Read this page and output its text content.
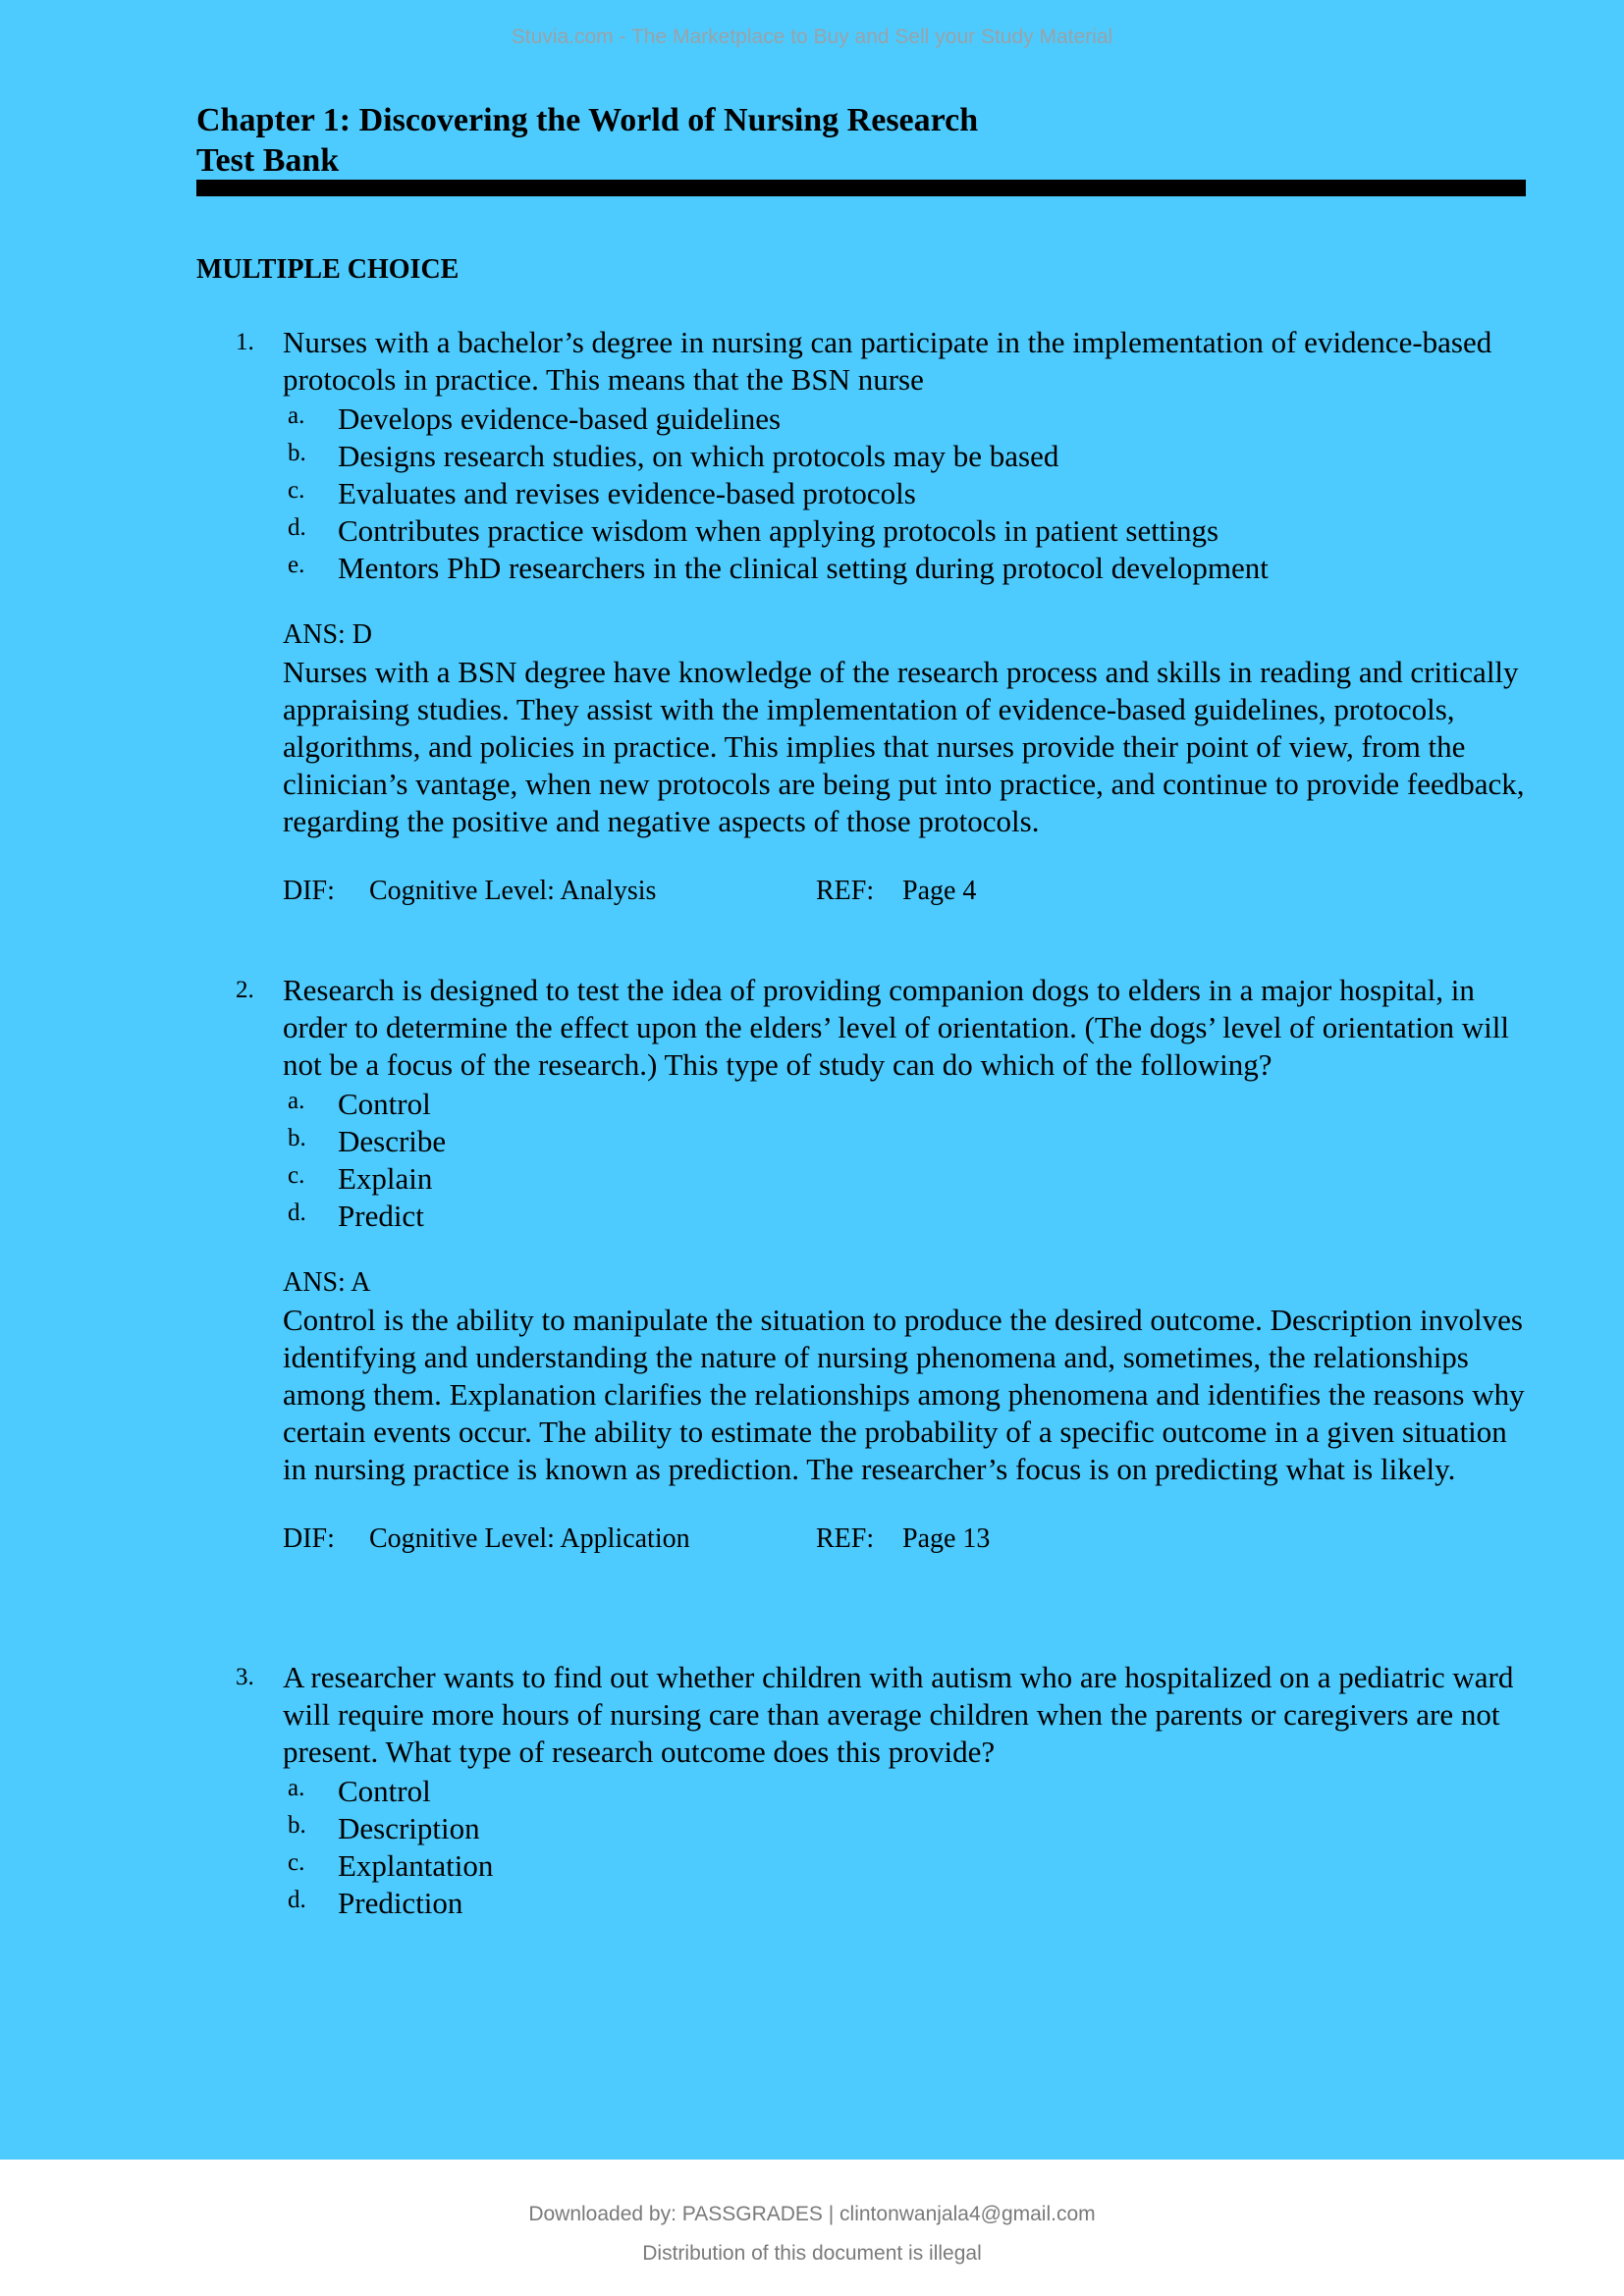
Stuvia.com - The Marketplace to Buy and Sell your Study Material
Chapter 1: Discovering the World of Nursing Research
Test Bank
MULTIPLE CHOICE
1. Nurses with a bachelor’s degree in nursing can participate in the implementation of evidence-based protocols in practice. This means that the BSN nurse
a. Develops evidence-based guidelines
b. Designs research studies, on which protocols may be based
c. Evaluates and revises evidence-based protocols
d. Contributes practice wisdom when applying protocols in patient settings
e. Mentors PhD researchers in the clinical setting during protocol development
ANS: D
Nurses with a BSN degree have knowledge of the research process and skills in reading and critically appraising studies. They assist with the implementation of evidence-based guidelines, protocols, algorithms, and policies in practice. This implies that nurses provide their point of view, from the clinician’s vantage, when new protocols are being put into practice, and continue to provide feedback, regarding the positive and negative aspects of those protocols.
DIF: Cognitive Level: Analysis	REF: Page 4
2. Research is designed to test the idea of providing companion dogs to elders in a major hospital, in order to determine the effect upon the elders’ level of orientation. (The dogs’ level of orientation will not be a focus of the research.) This type of study can do which of the following?
a. Control
b. Describe
c. Explain
d. Predict
ANS: A
Control is the ability to manipulate the situation to produce the desired outcome. Description involves identifying and understanding the nature of nursing phenomena and, sometimes, the relationships among them. Explanation clarifies the relationships among phenomena and identifies the reasons why certain events occur. The ability to estimate the probability of a specific outcome in a given situation in nursing practice is known as prediction. The researcher’s focus is on predicting what is likely.
DIF: Cognitive Level: Application	REF: Page 13
3. A researcher wants to find out whether children with autism who are hospitalized on a pediatric ward will require more hours of nursing care than average children when the parents or caregivers are not present. What type of research outcome does this provide?
a. Control
b. Description
c. Explantation
d. Prediction
Downloaded by: PASSGRADES | clintonwanjala4@gmail.com
Distribution of this document is illegal
